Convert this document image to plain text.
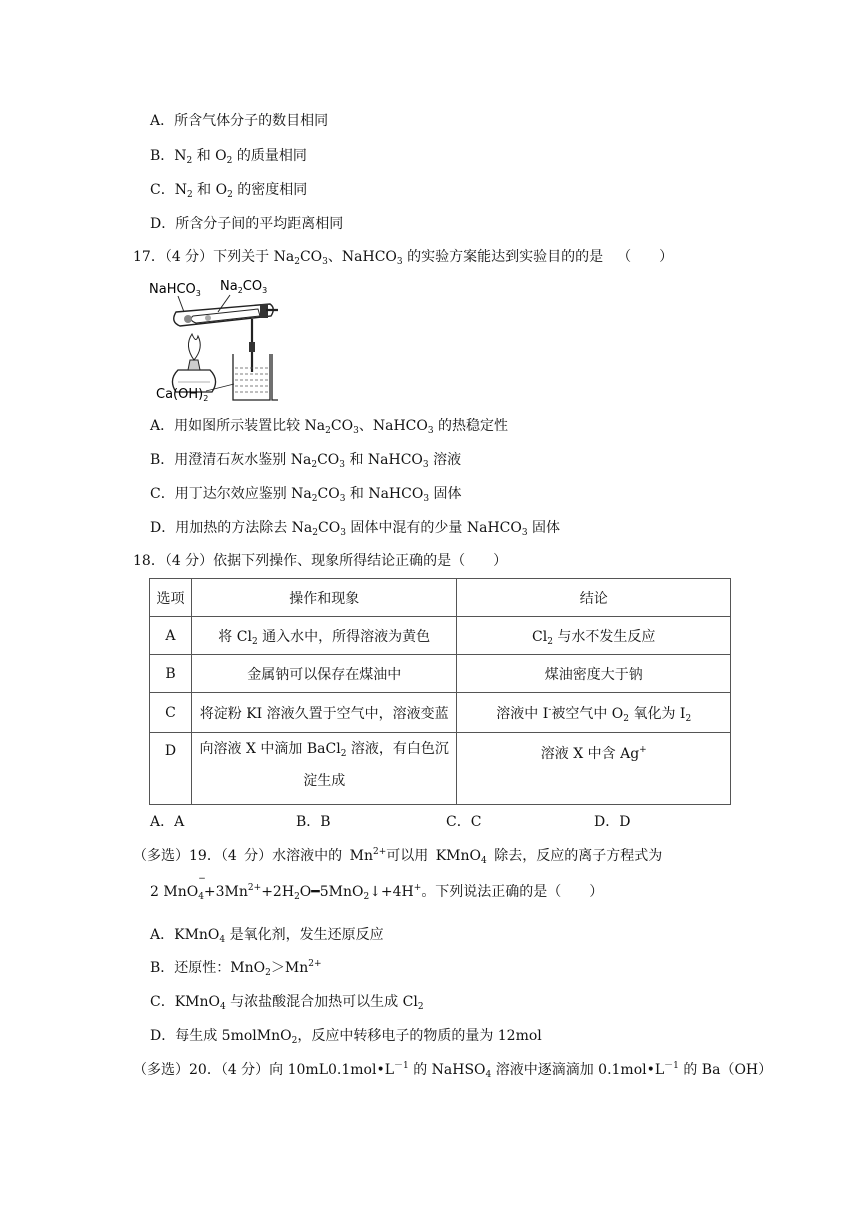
A．所含气体分子的数目相同
B．$N_2$ 和 $O_2$ 的质量相同
C．$N_2$ 和 $O_2$ 的密度相同
D．所含分子间的平均距离相同
17．（4 分）下列关于 $Na_2CO_3$、NaHCO$_3$ 的实验方案能达到实验目的的是　（　　）
NaHCO$_3$ $Na_2CO_3$
$Ca(OH)_2$
A．用如图所示装置比较 $Na_2CO_3$、NaHCO$_3$ 的热稳定性
B．用澄清石灰水鉴别 $Na_2CO_3$ 和 NaHCO$_3$ 溶液
C．用丁达尔效应鉴别 $Na_2CO_3$ 和 NaHCO$_3$ 固体
D．用加热的方法除去 $Na_2CO_3$ 固体中混有的少量 NaHCO$_3$ 固体
18．（4 分）依据下列操作、现象所得结论正确的是（　　）
选项	操作和现象	结论
A	将 $Cl_2$ 通入水中，所得溶液为黄色	$Cl_2$ 与水不发生反应
B	金属钠可以保存在煤油中	煤油密度大于钠
C	将淀粉 KI 溶液久置于空气中，溶液变蓝	溶液中 I-被空气中 $O_2$ 氧化为 $I_2$
D	向溶液 X 中滴加 BaCl$_2$ 溶液，有白色沉
淀生成	溶液 X 中含 Ag+
A．A	B．B	C．C	D．D
（多选）19．（4 分）水溶液中的 $Mn^{2+}$可以用 KMnO$_4$ 除去，反应的离子方程式为
2 MnO
$_{- 4}+3Mn^{2+}+2H_2O━5MnO_2↓+4H^+$。下列说法正确的是（　　）
A．KMnO$_4$ 是氧化剂，发生还原反应
B．还原性：$MnO_2>Mn^{2+}$
C．KMnO$_4$ 与浓盐酸混合加热可以生成 $Cl_2$
D．每生成 5molMnO$_2$，反应中转移电子的物质的量为 12mol
（多选）20．（4 分）向 $10mL0.1mol•L^{-1}$ 的 NaHSO$_4$ 溶液中逐滴滴加 $0.1mol•L^{-1}$ 的 Ba（OH）
